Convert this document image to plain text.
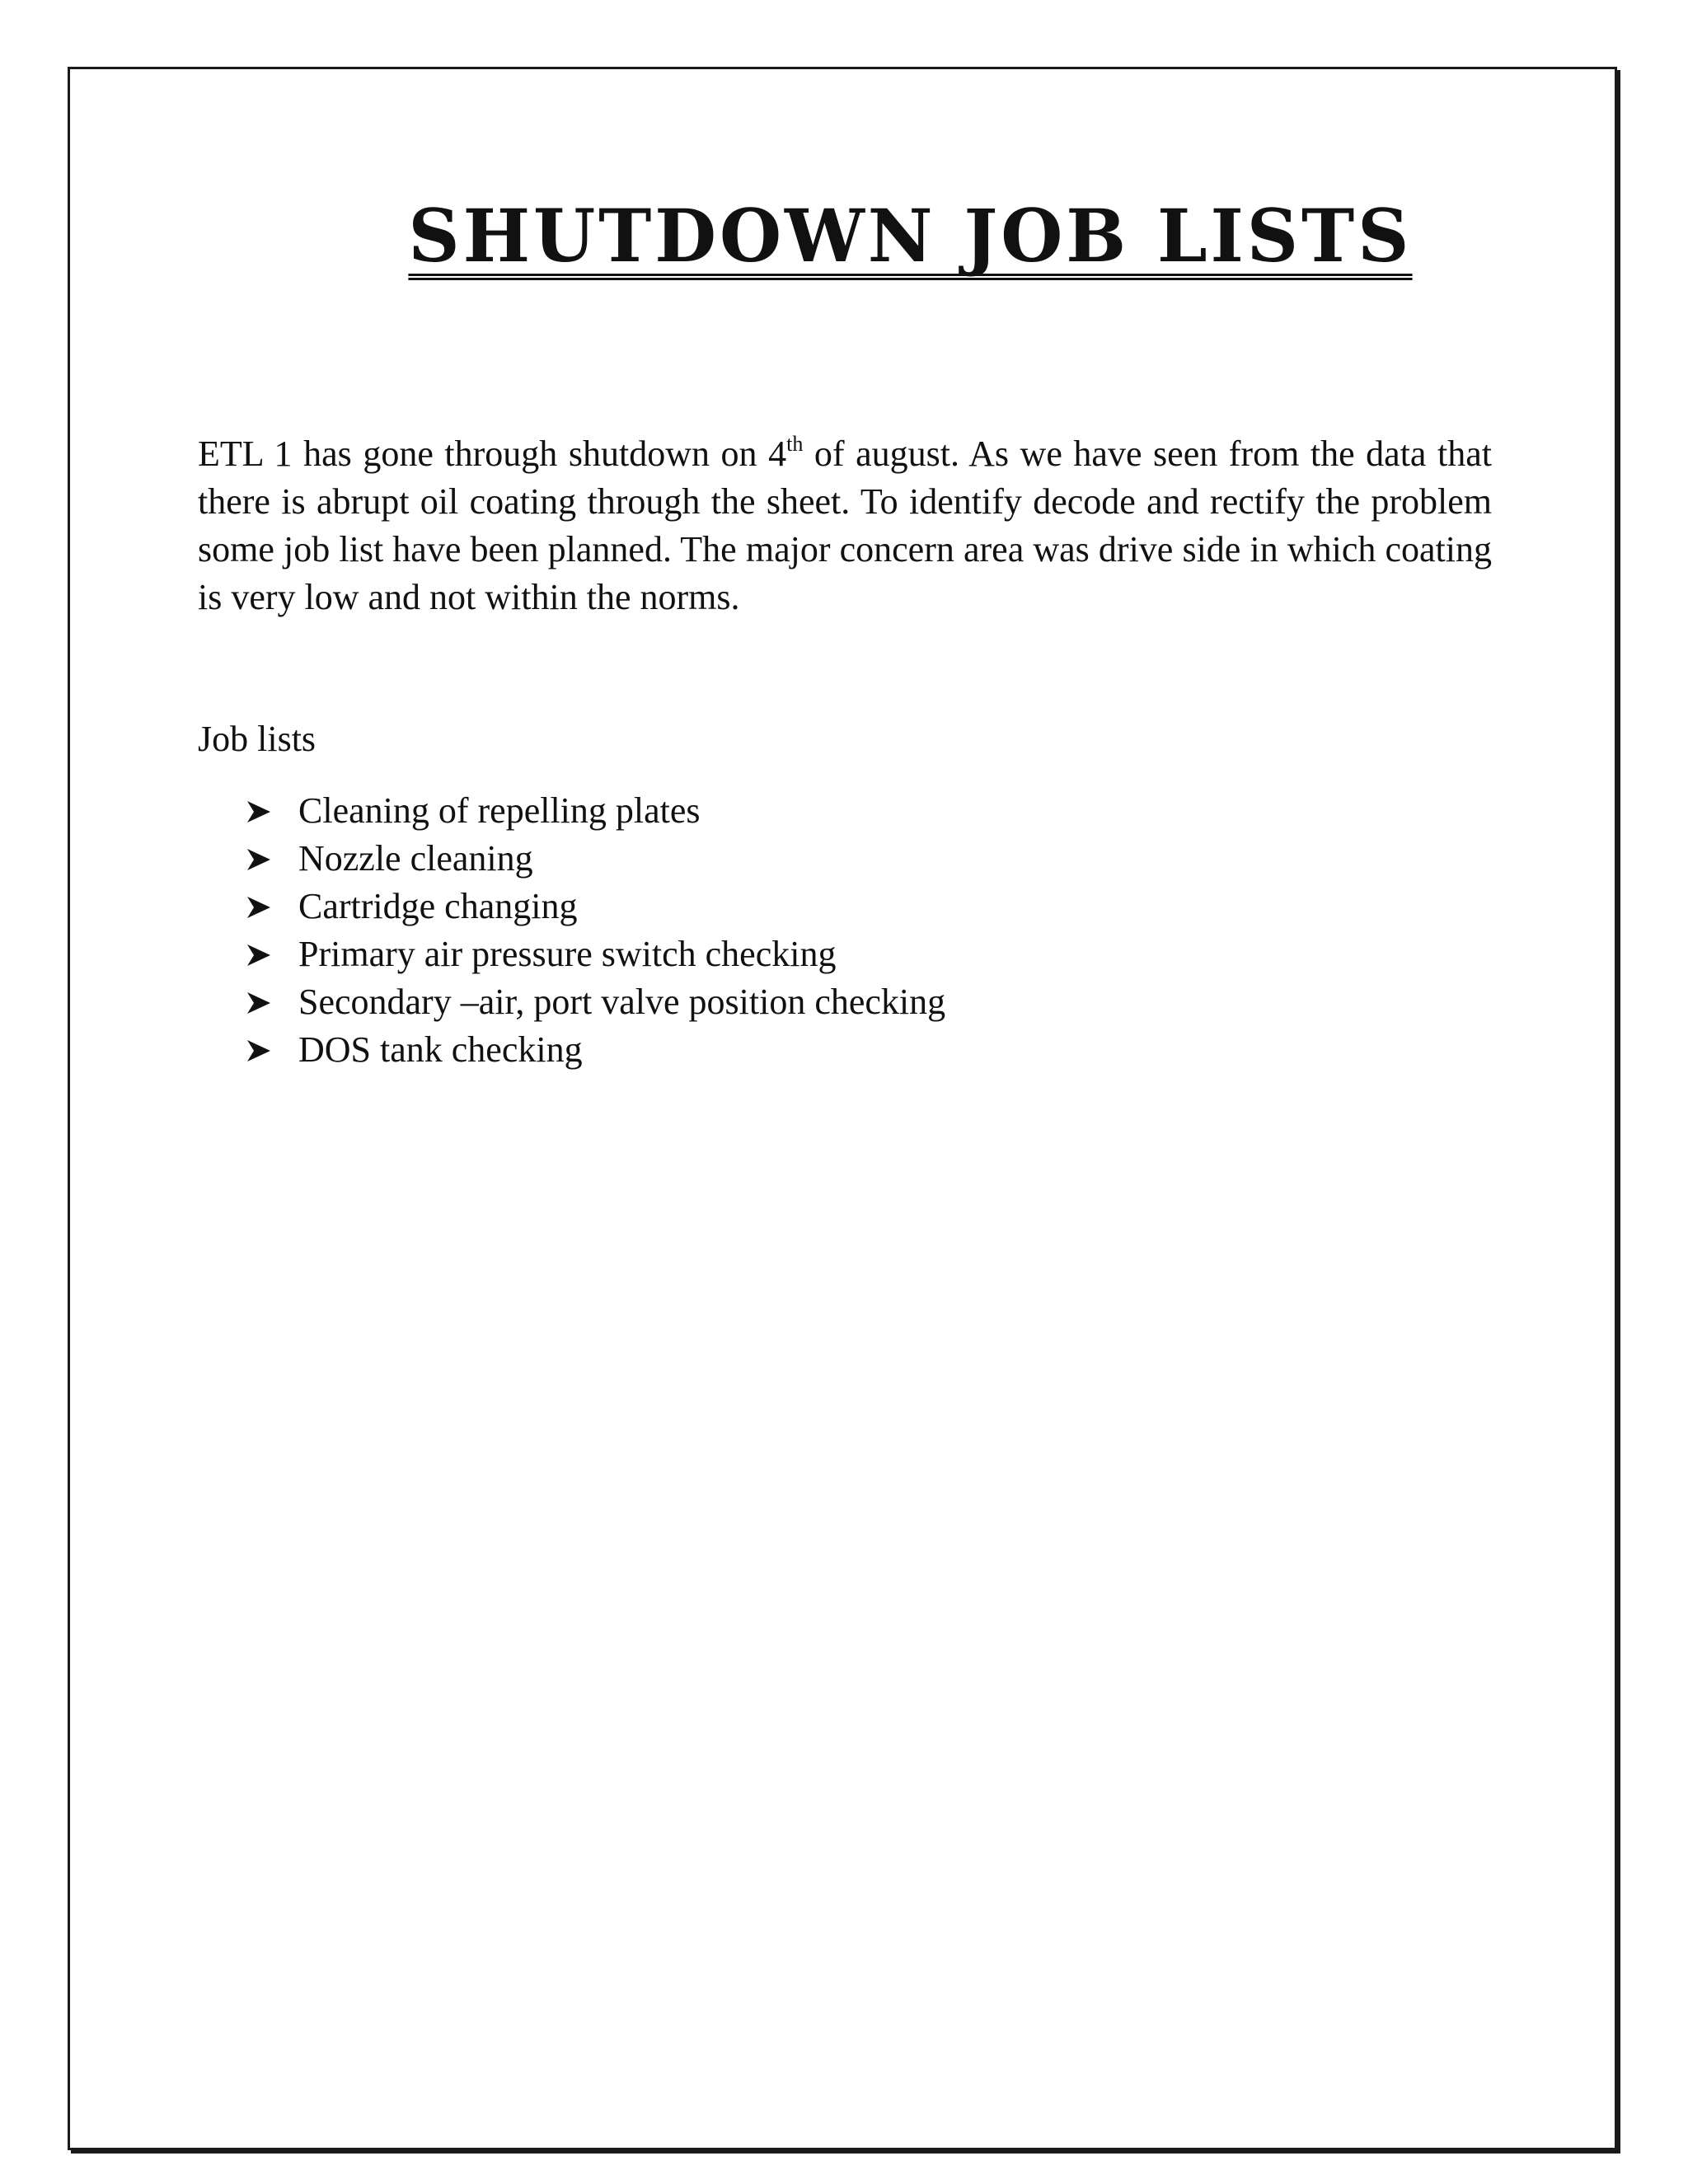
SHUTDOWN JOB LISTS

ETL 1 has gone through shutdown on 4th of august. As we have seen from the data that there is abrupt oil coating through the sheet. To identify decode and rectify the problem some job list have been planned. The major concern area was drive side in which coating is very low and not within the norms.

Job lists

Cleaning of repelling plates
Nozzle cleaning
Cartridge changing
Primary air pressure switch checking
Secondary –air, port valve position checking
DOS tank checking
